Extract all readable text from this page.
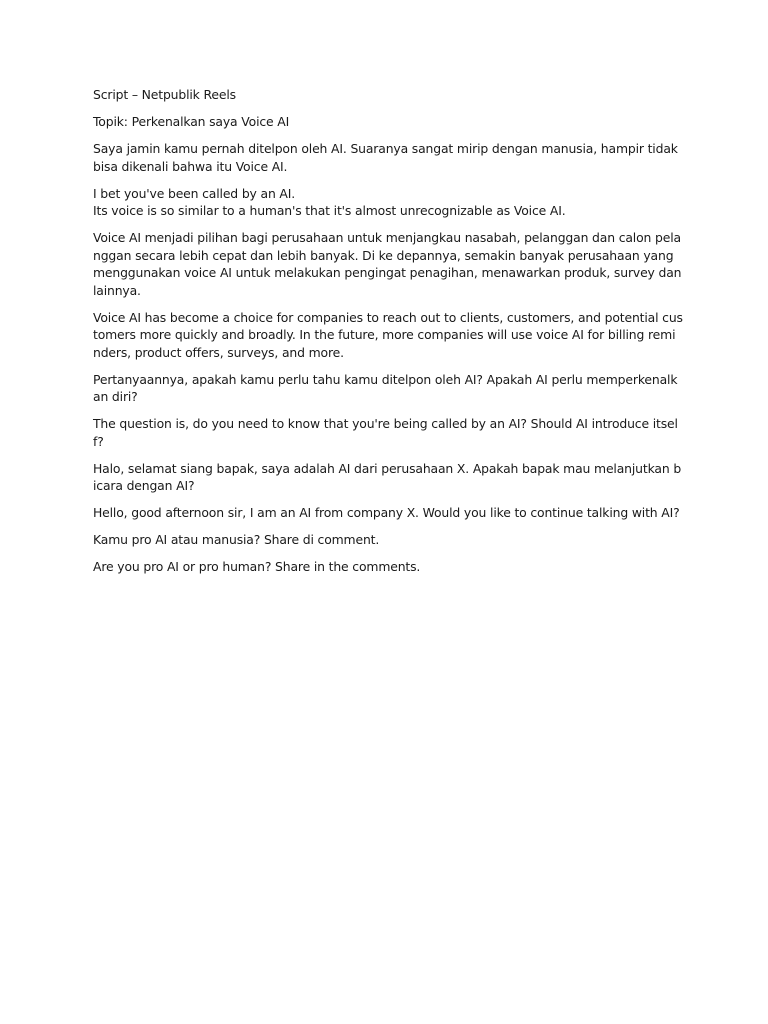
Script – Netpublik Reels

Topik: Perkenalkan saya Voice AI

Saya jamin kamu pernah ditelpon oleh AI. Suaranya sangat mirip dengan manusia, hampir tidak bisa dikenali bahwa itu Voice AI.

I bet you've been called by an AI.
Its voice is so similar to a human's that it's almost unrecognizable as Voice AI.

Voice AI menjadi pilihan bagi perusahaan untuk menjangkau nasabah, pelanggan dan calon pelanggan secara lebih cepat dan lebih banyak. Di ke depannya, semakin banyak perusahaan yang menggunakan voice AI untuk melakukan pengingat penagihan, menawarkan produk, survey dan lainnya.

Voice AI has become a choice for companies to reach out to clients, customers, and potential customers more quickly and broadly. In the future, more companies will use voice AI for billing reminders, product offers, surveys, and more.

Pertanyaannya, apakah kamu perlu tahu kamu ditelpon oleh AI? Apakah AI perlu memperkenalkan diri?

The question is, do you need to know that you're being called by an AI? Should AI introduce itself?

Halo, selamat siang bapak, saya adalah AI dari perusahaan X. Apakah bapak mau melanjutkan bicara dengan AI?

Hello, good afternoon sir, I am an AI from company X. Would you like to continue talking with AI?

Kamu pro AI atau manusia? Share di comment.

Are you pro AI or pro human? Share in the comments.
